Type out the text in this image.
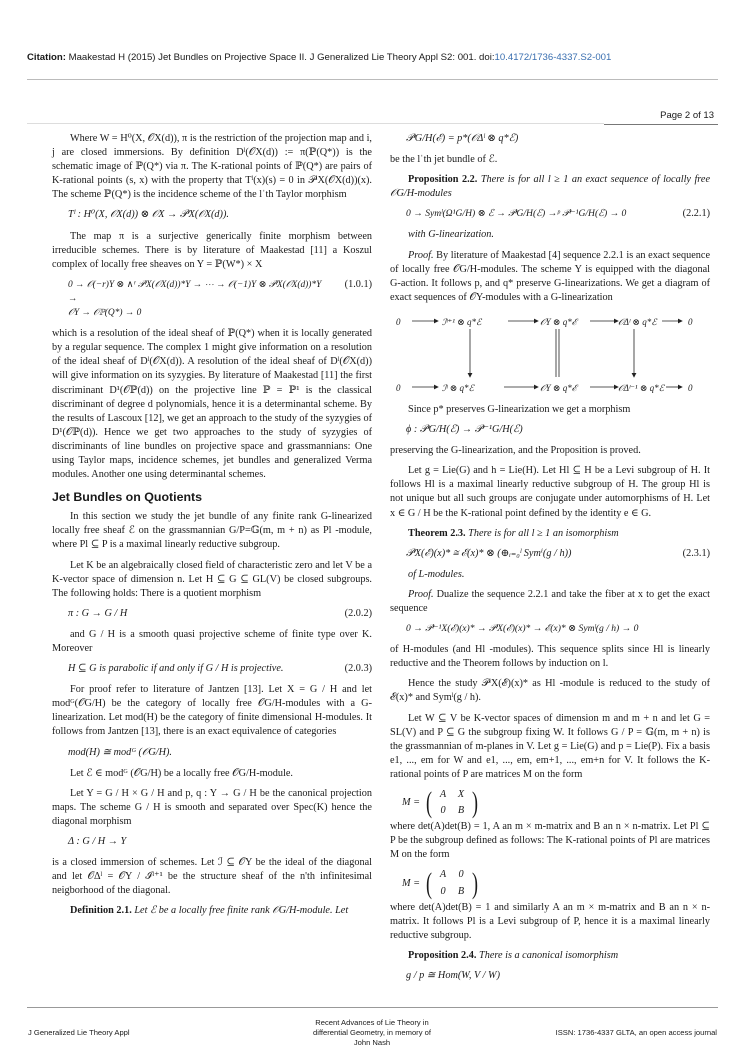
Citation: Maakestad H (2015) Jet Bundles on Projective Space II. J Generalized Lie Theory Appl S2: 001. doi:10.4172/1736-4337.S2-001
Page 2 of 13

Where W = H⁰(X, 𝒪X(d)), π is the restriction of the projection map and i, j are closed immersions. By definition Dˡ(𝒪X(d)) := π(ℙ(Q*)) is the schematic image of ℙ(Q*) via π. The K-rational points of ℙ(Q*) are pairs of K-rational points (s, x) with the property that Tˡ(x)(s) = 0 in 𝒫ˡX(𝒪X(d))(x). The scheme ℙ(Q*) is the incidence scheme of the lˈth Taylor morphism

Tˡ : H⁰(X, 𝒪X(d)) ⊗ 𝒪X → 𝒫ˡX(𝒪X(d)).

The map π is a surjective generically finite morphism between irreducible schemes. There is by literature of Maakestad [11] a Koszul complex of locally free sheaves on Y = ℙ(W*) × X

0 → 𝒪(−r)Y ⊗ ∧ʳ 𝒫ˡX(𝒪X(d))*Y → ⋯ → 𝒪(−1)Y ⊗ 𝒫ˡX(𝒪X(d))*Y →
𝒪Y → 𝒪ℙ(Q*) → 0
(1.0.1)

which is a resolution of the ideal sheaf of ℙ(Q*) when it is locally generated by a regular sequence. The complex 1 might give information on a resolution of the ideal sheaf of Dˡ(𝒪X(d)). A resolution of the ideal sheaf of Dˡ(𝒪X(d)) will give information on its syzygies. By literature of Maakestad [11] the first discriminant D¹(𝒪ℙ(d)) on the projective line ℙ = ℙ¹ is the classical discriminant of degree d polynomials, hence it is a determinantal scheme. By the results of Lascoux [12], we get an approach to the study of the syzygies of D¹(𝒪ℙ(d)). Hence we get two approaches to the study of syzygies of discriminants of line bundles on projective space and grassmannians: One using Taylor maps, incidence schemes, jet bundles and generalized Verma modules. Another one using determinantal schemes.

Jet Bundles on Quotients

In this section we study the jet bundle of any finite rank G-linearized locally free sheaf ℰ on the grassmannian G/P=𝔾(m, m + n) as Pl -module, where Pl ⊆ P is a maximal linearly reductive subgroup.

Let K be an algebraically closed field of characteristic zero and let V be a K-vector space of dimension n. Let H ⊆ G ⊆ GL(V) be closed subgroups. The following holds: There is a quotient morphism

π : G → G / H	(2.0.2)

and G / H is a smooth quasi projective scheme of finite type over K. Moreover

H ⊆ G is parabolic if and only if G / H is projective.	(2.0.3)

For proof refer to literature of Jantzen [13]. Let X = G / H and let modᴳ(𝒪G/H) be the category of locally free 𝒪G/H-modules with a G-linearization. Let mod(H) be the category of finite dimensional H-modules. It follows from Jantzen [13], there is an exact equivalence of categories

mod(H) ≅ modᴳ (𝒪G/H).

Let ℰ ∈ modᴳ (𝒪G/H) be a locally free 𝒪G/H-module.

Let Y = G / H × G / H and p, q : Y → G / H be the canonical projection maps. The scheme G / H is smooth and separated over Spec(K) hence the diagonal morphism

Δ : G / H → Y

is a closed immersion of schemes. Let ℐ ⊆ 𝒪Y be the ideal of the diagonal and let 𝒪Δˡ = 𝒪Y / ℐˡ⁺¹ be the structure sheaf of the n'th infinitesimal neigborhood of the diagonal.

Definition 2.1. Let ℰ be a locally free finite rank 𝒪G/H-module. Let

𝒫ˡG/H(ℰ) = p*(𝒪Δˡ ⊗ q*ℰ)

be the lˈth jet bundle of ℰ.

Proposition 2.2. There is for all l ≥ 1 an exact sequence of locally free 𝒪G/H-modules

0 → Symˡ(Ω¹G/H) ⊗ ℰ → 𝒫ˡG/H(ℰ) →ᵖ 𝒫ˡ⁻¹G/H(ℰ) → 0	(2.2.1)

with G-linearization.

Proof. By literature of Maakestad [4] sequence 2.2.1 is an exact sequence of locally free 𝒪G/H-modules. The scheme Y is equipped with the diagonal G-action. It follows p, and q* preserve G-linearizations. We get a diagram of exact sequences of 𝒪Y-modules with a G-linearization

0	ℐˡ⁺¹ ⊗ q*ℰ	𝒪Y ⊗ q*ℰ	𝒪Δˡ ⊗ q*ℰ	0
0	ℐˡ ⊗ q*ℰ	𝒪Y ⊗ q*ℰ	𝒪Δˡ⁻¹ ⊗ q*ℰ	0

Since p* preserves G-linearization we get a morphism

ϕ : 𝒫ˡG/H(ℰ) → 𝒫ˡ⁻¹G/H(ℰ)

preserving the G-linearization, and the Proposition is proved.

Let g = Lie(G) and h = Lie(H). Let Hl ⊆ H be a Levi subgroup of H. It follows Hl is a maximal linearly reductive subgroup of H. The group Hl is not unique but all such groups are conjugate under automorphisms of H. Let x ∈ G / H be the K-rational point defined by the identity e ∈ G.

Theorem 2.3. There is for all l ≥ 1 an isomorphism

𝒫ˡX(ℰ)(x)* ≅ ℰ(x)* ⊗ (⊕ᵢ₌₀ˡ Symⁱ(g / h))	(2.3.1)

of L-modules.

Proof. Dualize the sequence 2.2.1 and take the fiber at x to get the exact sequence

0 → 𝒫ˡ⁻¹X(ℰ)(x)* → 𝒫ˡX(ℰ)(x)* → ℰ(x)* ⊗ Symˡ(g / h) → 0

of H-modules (and Hl -modules). This sequence splits since Hl is linearly reductive and the Theorem follows by induction on l.

Hence the study 𝒫ˡX(ℰ)(x)* as Hl -module is reduced to the study of ℰ(x)* and Symˡ(g / h).

Let W ⊆ V be K-vector spaces of dimension m and m + n and let G = SL(V) and P ⊆ G the subgroup fixing W. It follows G / P = 𝔾(m, m + n) is the grassmannian of m-planes in V. Let g = Lie(G) and p = Lie(P). Fix a basis e1, ..., em for W and e1, ..., em, em+1, ..., em+n for V. It follows the K-rational points of P are matrices M on the form

M = ( A	X
0	B )

where det(A)det(B) = 1, A an m × m-matrix and B an n × n-matrix. Let Pl ⊆ P be the subgroup defined as follows: The K-rational points of Pl are matrices M on the form

M = ( A	0
0	B )

where det(A)det(B) = 1 and similarly A an m × m-matrix and B an n × n-matrix. It follows Pl is a Levi subgroup of P, hence it is a maximal linearly reductive subgroup.

Proposition 2.4. There is a canonical isomorphism

g / p ≅ Hom(W, V / W)
J Generalized Lie Theory Appl
Recent Advances of Lie Theory in
differential Geometry, in memory of
John Nash
ISSN: 1736-4337 GLTA, an open access journal
